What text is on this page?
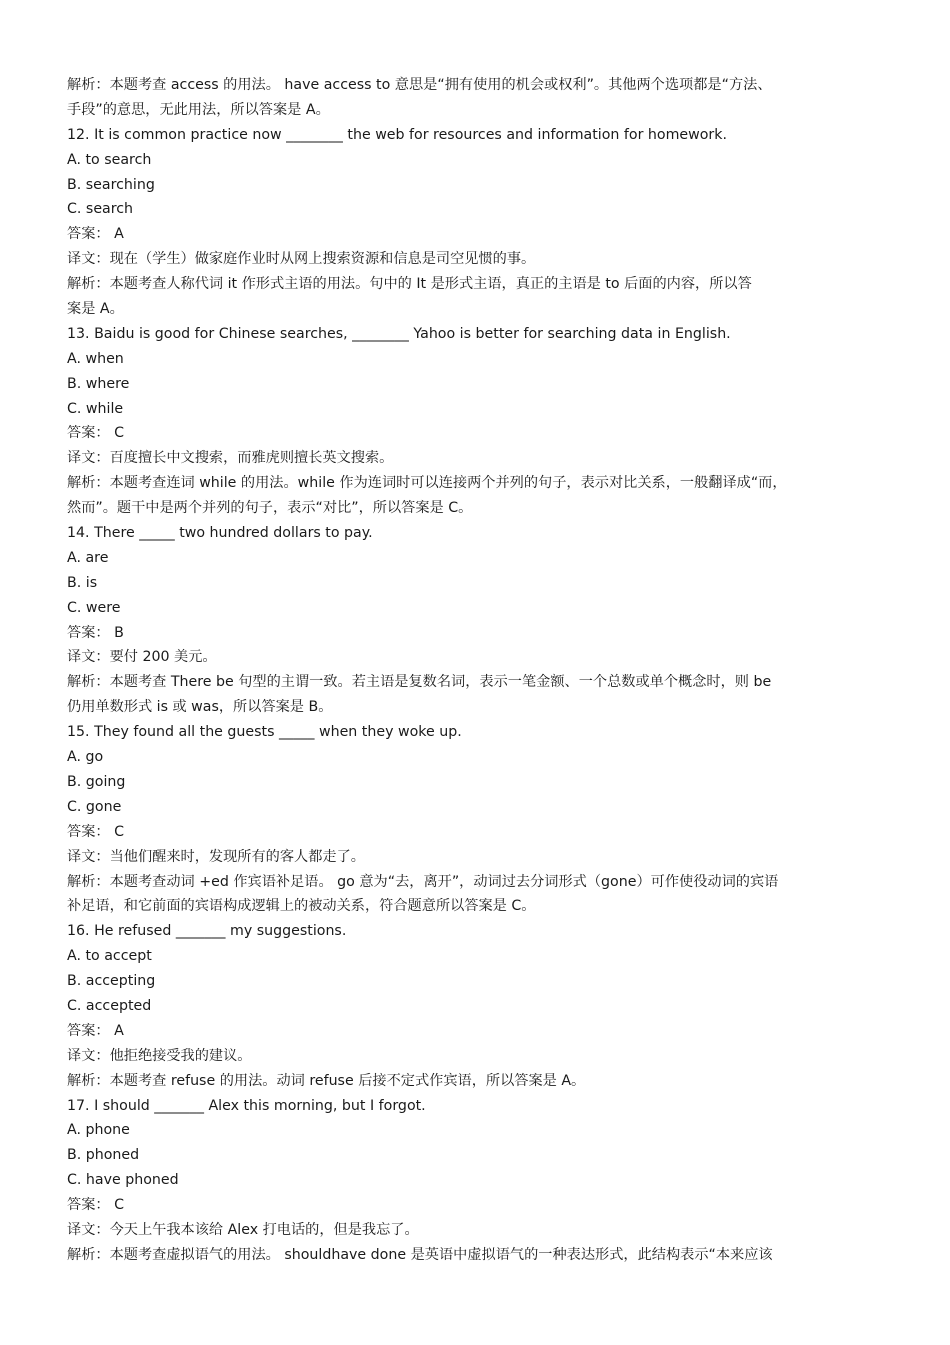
解析：本题考查 access 的用法。 have access to 意思是“拥有使用的机会或权利”。其他两个选项都是“方法、
手段”的意思，无此用法，所以答案是 A。
12. It is common practice now ________ the web for resources and information for homework.
A. to search
B. searching
C. search
答案： A
译文：现在（学生）做家庭作业时从网上搜索资源和信息是司空见惯的事。
解析：本题考查人称代词 it 作形式主语的用法。句中的 It 是形式主语，真正的主语是 to 后面的内容，所以答
案是 A。
13. Baidu is good for Chinese searches, ________ Yahoo is better for searching data in English.
A. when
B. where
C. while
答案： C
译文：百度擅长中文搜索，而雅虎则擅长英文搜索。
解析：本题考查连词 while 的用法。while 作为连词时可以连接两个并列的句子，表示对比关系，一般翻译成“而，
然而”。题干中是两个并列的句子，表示“对比”，所以答案是 C。
14. There _____ two hundred dollars to pay.
A. are
B. is
C. were
答案： B
译文：要付 200 美元。
解析：本题考查 There be 句型的主谓一致。若主语是复数名词，表示一笔金额、一个总数或单个概念时，则 be
仍用单数形式 is 或 was，所以答案是 B。
15. They found all the guests _____ when they woke up.
A. go
B. going
C. gone
答案： C
译文：当他们醒来时，发现所有的客人都走了。
解析：本题考查动词 +ed 作宾语补足语。 go 意为“去，离开”，动词过去分词形式（gone）可作使役动词的宾语
补足语，和它前面的宾语构成逻辑上的被动关系，符合题意所以答案是 C。
16. He refused _______ my suggestions.
A. to accept
B. accepting
C. accepted
答案： A
译文：他拒绝接受我的建议。
解析：本题考查 refuse 的用法。动词 refuse 后接不定式作宾语，所以答案是 A。
17. I should _______ Alex this morning, but I forgot.
A. phone
B. phoned
C. have phoned
答案： C
译文：今天上午我本该给 Alex 打电话的，但是我忘了。
解析：本题考查虚拟语气的用法。 shouldhave done 是英语中虚拟语气的一种表达形式，此结构表示“本来应该
